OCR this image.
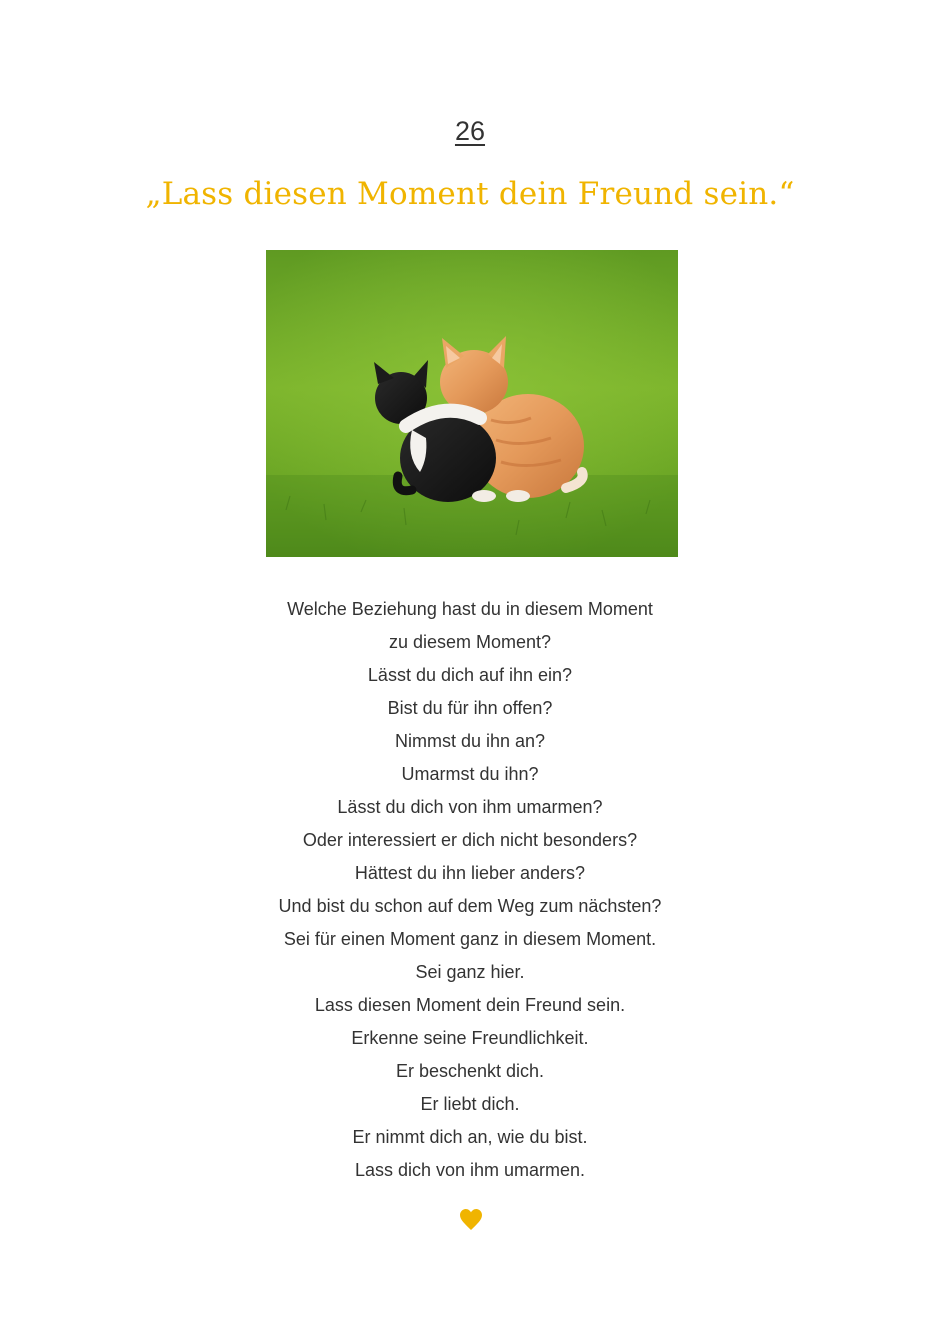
26
„Lass diesen Moment dein Freund sein.“
Welche Beziehung hast du in diesem Moment
zu diesem Moment?
Lässt du dich auf ihn ein?
Bist du für ihn offen?
Nimmst du ihn an?
Umarmst du ihn?
Lässt du dich von ihm umarmen?
Oder interessiert er dich nicht besonders?
Hättest du ihn lieber anders?
Und bist du schon auf dem Weg zum nächsten?
Sei für einen Moment ganz in diesem Moment.
Sei ganz hier.
Lass diesen Moment dein Freund sein.
Erkenne seine Freundlichkeit.
Er beschenkt dich.
Er liebt dich.
Er nimmt dich an, wie du bist.
Lass dich von ihm umarmen.
